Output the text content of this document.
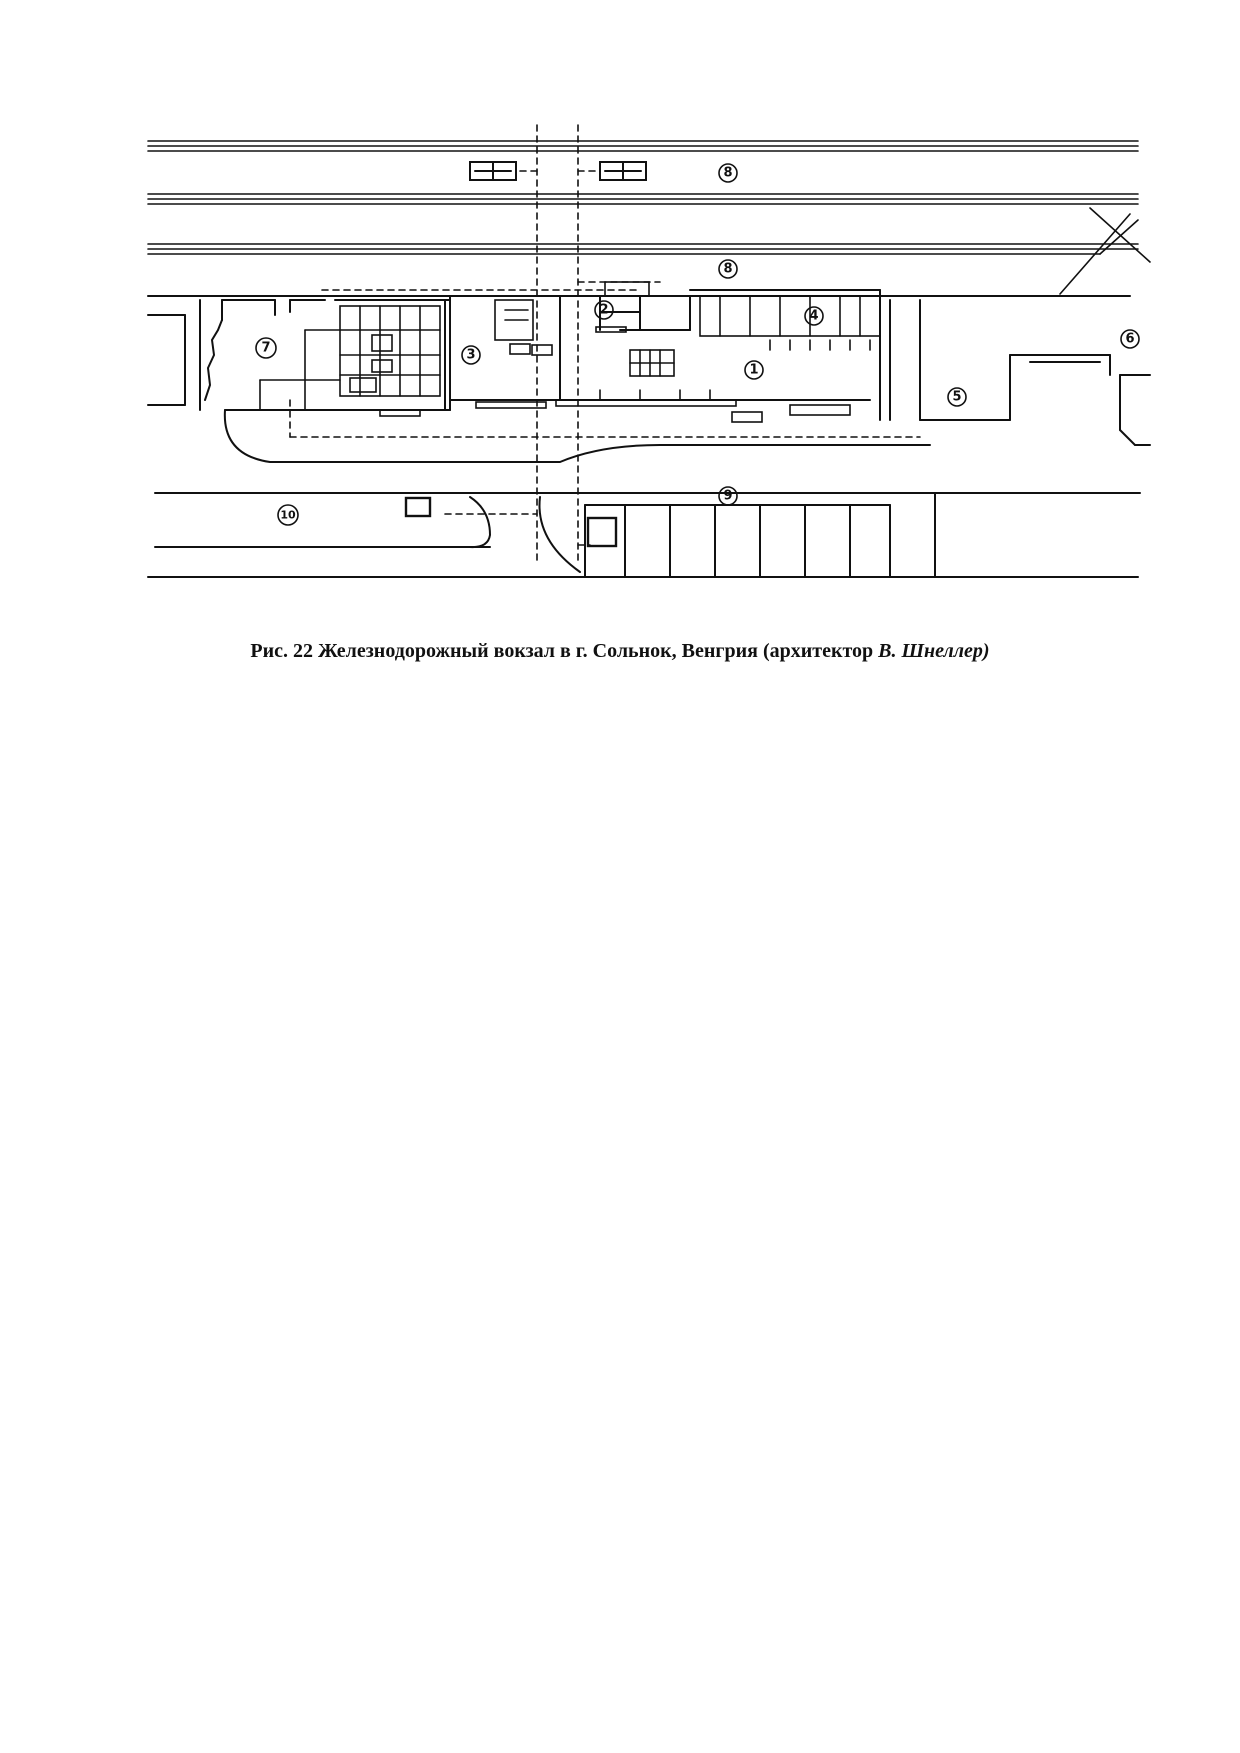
8
8
2	4
3
1
7
5
6
9
10
Рис. 22 Железнодорожный вокзал в г. Сольнок, Венгрия (архитектор В. Шнеллер)
